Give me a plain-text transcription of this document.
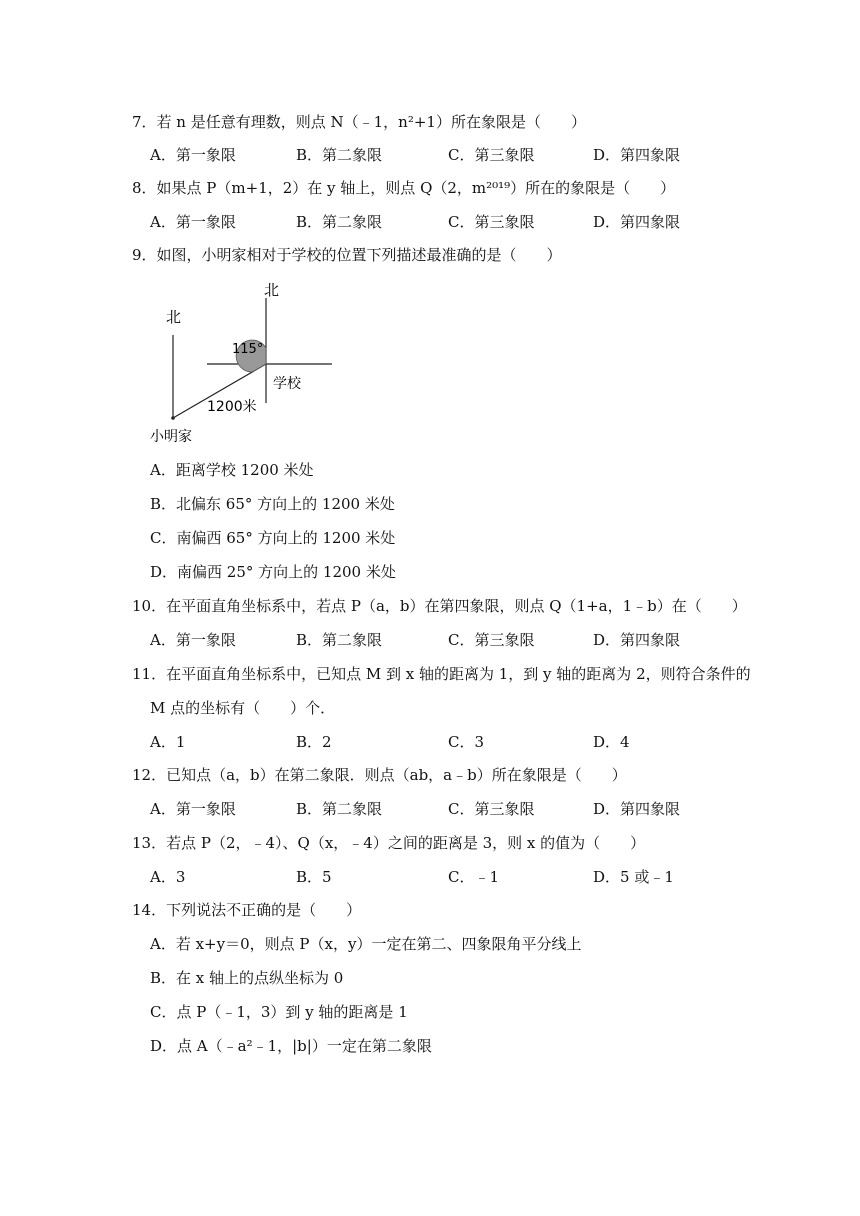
7．若 n 是任意有理数，则点 N（﹣1，n²+1）所在象限是（　　）
A．第一象限	B．第二象限	C．第三象限	D．第四象限
8．如果点 P（m+1，2）在 y 轴上，则点 Q（2，m²⁰¹⁹）所在的象限是（　　）
A．第一象限	B．第二象限	C．第三象限	D．第四象限
9．如图，小明家相对于学校的位置下列描述最准确的是（　　）
北
北
115°
学校
1200米
小明家
A．距离学校 1200 米处
B．北偏东 65° 方向上的 1200 米处
C．南偏西 65° 方向上的 1200 米处
D．南偏西 25° 方向上的 1200 米处
10．在平面直角坐标系中，若点 P（a，b）在第四象限，则点 Q（1+a，1﹣b）在（　　）
A．第一象限	B．第二象限	C．第三象限	D．第四象限
11．在平面直角坐标系中，已知点 M 到 x 轴的距离为 1，到 y 轴的距离为 2，则符合条件的
M 点的坐标有（　　）个．
A．1	B．2	C．3	D．4
12．已知点（a，b）在第二象限．则点（ab，a﹣b）所在象限是（　　）
A．第一象限	B．第二象限	C．第三象限	D．第四象限
13．若点 P（2，﹣4）、Q（x，﹣4）之间的距离是 3，则 x 的值为（　　）
A．3	B．5	C．﹣1	D．5 或﹣1
14．下列说法不正确的是（　　）
A．若 x+y＝0，则点 P（x，y）一定在第二、四象限角平分线上
B．在 x 轴上的点纵坐标为 0
C．点 P（﹣1，3）到 y 轴的距离是 1
D．点 A（﹣a²﹣1，|b|）一定在第二象限
